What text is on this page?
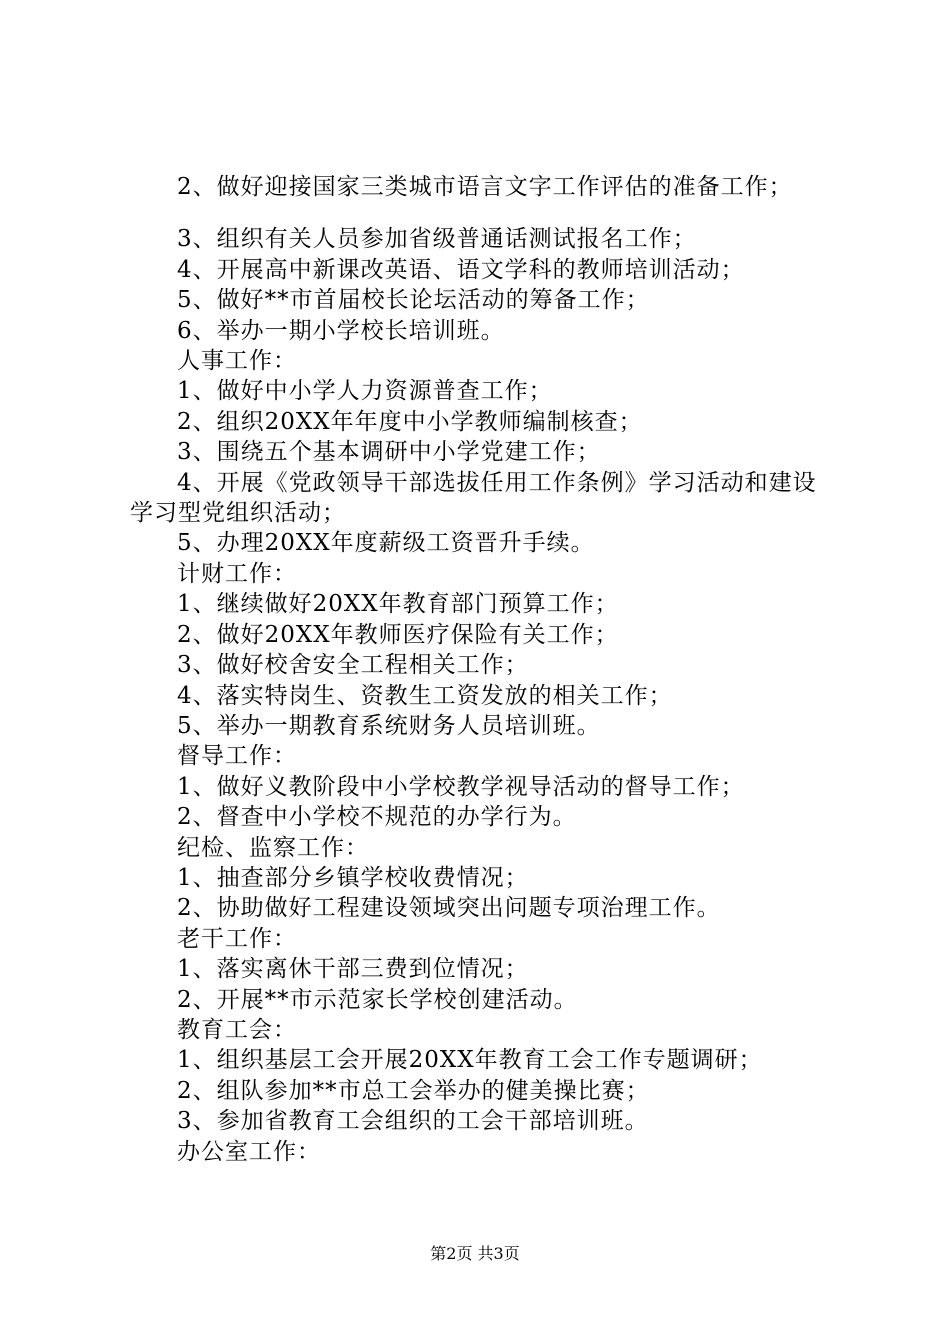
2、做好迎接国家三类城市语言文字工作评估的准备工作；
3、组织有关人员参加省级普通话测试报名工作；
4、开展高中新课改英语、语文学科的教师培训活动；
5、做好**市首届校长论坛活动的筹备工作；
6、举办一期小学校长培训班。
人事工作：
1、做好中小学人力资源普查工作；
2、组织20XX年年度中小学教师编制核查；
3、围绕五个基本调研中小学党建工作；
4、开展《党政领导干部选拔任用工作条例》学习活动和建设学习型党组织活动；
5、办理20XX年度薪级工资晋升手续。
计财工作：
1、继续做好20XX年教育部门预算工作；
2、做好20XX年教师医疗保险有关工作；
3、做好校舍安全工程相关工作；
4、落实特岗生、资教生工资发放的相关工作；
5、举办一期教育系统财务人员培训班。
督导工作：
1、做好义教阶段中小学校教学视导活动的督导工作；
2、督查中小学校不规范的办学行为。
纪检、监察工作：
1、抽查部分乡镇学校收费情况；
2、协助做好工程建设领域突出问题专项治理工作。
老干工作：
1、落实离休干部三费到位情况；
2、开展**市示范家长学校创建活动。
教育工会：
1、组织基层工会开展20XX年教育工会工作专题调研；
2、组队参加**市总工会举办的健美操比赛；
3、参加省教育工会组织的工会干部培训班。
办公室工作：
第2页 共3页
